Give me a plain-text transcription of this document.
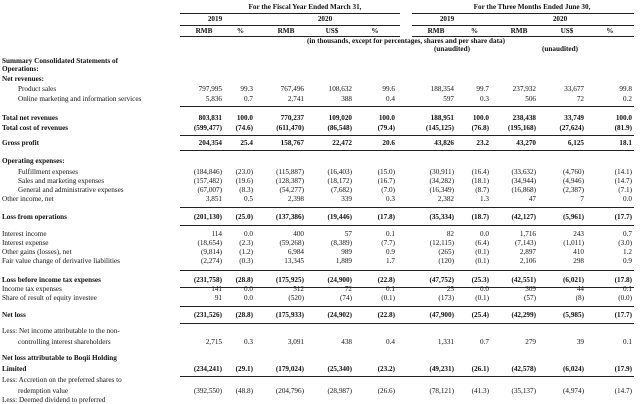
For the Fiscal Year Ended March 31,	For the Three Months Ended June 30,
2019	2020	2019	2020
RMB	%	RMB	US$	%	RMB	%	RMB	US$	%
(in thousands, except for percentages, shares and per share data)
(unaudited)	(unaudited)
Summary Consolidated Statements of
Operations:
Net revenues:
Product sales	797,995	99.3	767,496	108,632	99.6	188,354	99.7	237,932	33,677	99.8
Online marketing and information services	5,836	0.7	2,741	388	0.4	597	0.3	506	72	0.2
Total net revenues	803,831	100.0	770,237	109,020	100.0	188,951	100.0	238,438	33,749	100.0
Total cost of revenues	(599,477)	(74.6)	(611,470)	(86,548)	(79.4)	(145,125)	(76.8)	(195,168)	(27,624)	(81.9)
Gross profit	204,354	25.4	158,767	22,472	20.6	43,826	23.2	43,270	6,125	18.1
Operating expenses:
Fulfillment expenses	(184,846)	(23.0)	(115,887)	(16,403)	(15.0)	(30,911)	(16.4)	(33,632)	(4,760)	(14.1)
Sales and marketing expenses	(157,482)	(19.6)	(128,387)	(18,172)	(16.7)	(34,282)	(18.1)	(34,944)	(4,946)	(14.7)
General and administrative expenses	(67,007)	(8.3)	(54,277)	(7,682)	(7.0)	(16,349)	(8.7)	(16,868)	(2,387)	(7.1)
Other income, net	3,851	0.5	2,398	339	0.3	2,382	1.3	47	7	0.0
Loss from operations	(201,130)	(25.0)	(137,386)	(19,446)	(17.8)	(35,334)	(18.7)	(42,127)	(5,961)	(17.7)
Interest income	114	0.0	400	57	0.1	82	0.0	1,716	243	0.7
Interest expense	(18,654)	(2.3)	(59,268)	(8,389)	(7.7)	(12,115)	(6.4)	(7,143)	(1,011)	(3.0)
Other gains (losses), net	(9,814)	(1.2)	6,984	989	0.9	(265)	(0.1)	2,897	410	1.2
Fair value change of derivative liabilities	(2,274)	(0.3)	13,345	1,889	1.7	(120)	(0.1)	2,106	298	0.9
Loss before income tax expenses	(231,758)	(28.8)	(175,925)	(24,900)	(22.8)	(47,752)	(25.3)	(42,551)	(6,021)	(17.8)
Income tax expenses	141	0.0	512	72	0.1	25	0.0	309	44	0.1
Share of result of equity investee	91	0.0	(520)	(74)	(0.1)	(173)	(0.1)	(57)	(8)	(0.0)
Net loss	(231,526)	(28.8)	(175,933)	(24,902)	(22.8)	(47,900)	(25.4)	(42,299)	(5,985)	(17.7)
Less: Net income attributable to the non-
controlling interest shareholders	2,715	0.3	3,091	438	0.4	1,331	0.7	279	39	0.1
Net loss attributable to Boqii Holding
Limited	(234,241)	(29.1)	(179,024)	(25,340)	(23.2)	(49,231)	(26.1)	(42,578)	(6,024)	(17.9)
Less: Accretion on the preferred shares to
redemption value	(392,550)	(48.8)	(204,796)	(28,987)	(26.6)	(78,121)	(41.3)	(35,137)	(4,974)	(14.7)
Less: Deemed dividend to preferred
